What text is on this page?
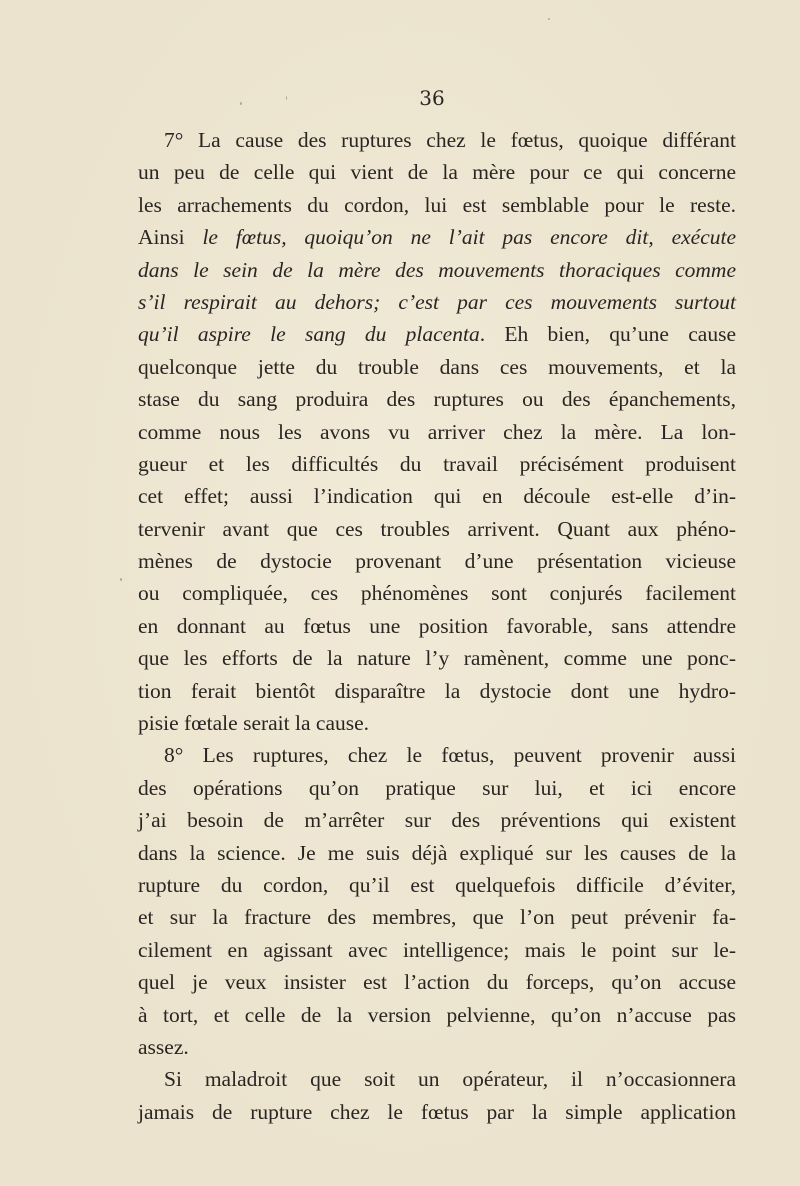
36
7° La cause des ruptures chez le fœtus, quoique différant
un peu de celle qui vient de la mère pour ce qui concerne
les arrachements du cordon, lui est semblable pour le reste.
Ainsi le fœtus, quoiqu’on ne l’ait pas encore dit, exécute
dans le sein de la mère des mouvements thoraciques comme
s’il respirait au dehors; c’est par ces mouvements surtout
qu’il aspire le sang du placenta. Eh bien, qu’une cause
quelconque jette du trouble dans ces mouvements, et la
stase du sang produira des ruptures ou des épanchements,
comme nous les avons vu arriver chez la mère. La lon-
gueur et les difficultés du travail précisément produisent
cet effet; aussi l’indication qui en découle est-elle d’in-
tervenir avant que ces troubles arrivent. Quant aux phéno-
mènes de dystocie provenant d’une présentation vicieuse
ou compliquée, ces phénomènes sont conjurés facilement
en donnant au fœtus une position favorable, sans attendre
que les efforts de la nature l’y ramènent, comme une ponc-
tion ferait bientôt disparaître la dystocie dont une hydro-
pisie fœtale serait la cause.
8° Les ruptures, chez le fœtus, peuvent provenir aussi
des opérations qu’on pratique sur lui, et ici encore
j’ai besoin de m’arrêter sur des préventions qui existent
dans la science. Je me suis déjà expliqué sur les causes de la
rupture du cordon, qu’il est quelquefois difficile d’éviter,
et sur la fracture des membres, que l’on peut prévenir fa-
cilement en agissant avec intelligence; mais le point sur le-
quel je veux insister est l’action du forceps, qu’on accuse
à tort, et celle de la version pelvienne, qu’on n’accuse pas
assez.
Si maladroit que soit un opérateur, il n’occasionnera
jamais de rupture chez le fœtus par la simple application
